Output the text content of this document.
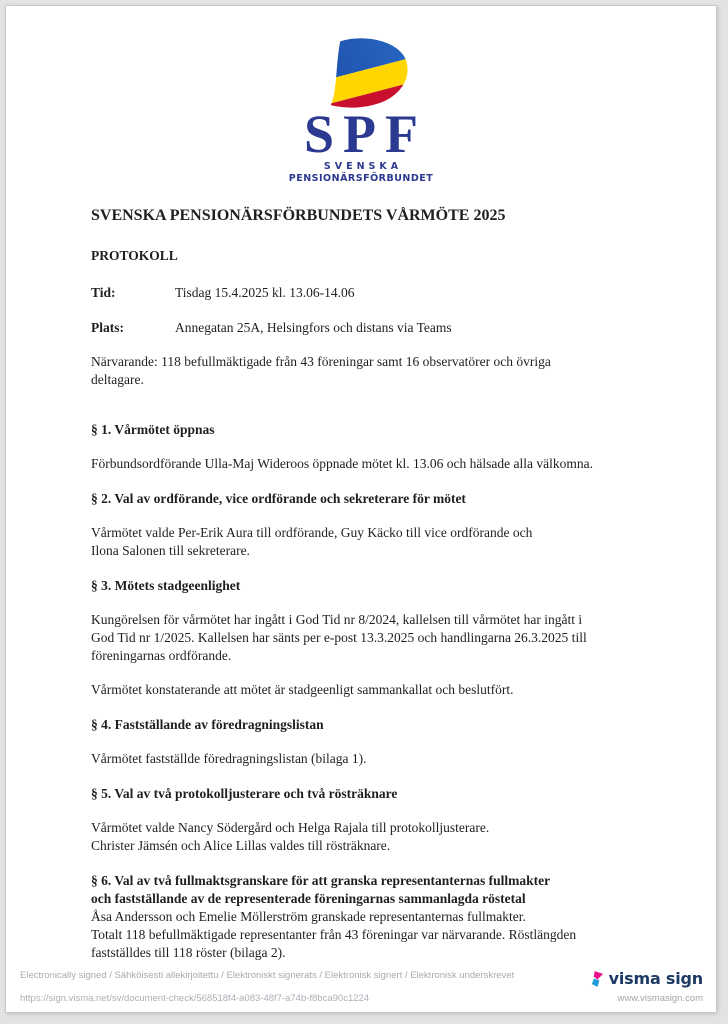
SPF
SVENSKA
PENSIONÄRSFÖRBUNDET
SVENSKA PENSIONÄRSFÖRBUNDETS VÅRMÖTE 2025
PROTOKOLL
Tid:	Tisdag 15.4.2025 kl. 13.06-14.06
Plats:	Annegatan 25A, Helsingfors och distans via Teams
Närvarande: 118 befullmäktigade från 43 föreningar samt 16 observatörer och övriga
deltagare.
§ 1. Vårmötet öppnas
Förbundsordförande Ulla-Maj Wideroos öppnade mötet kl. 13.06 och hälsade alla välkomna.
§ 2. Val av ordförande, vice ordförande och sekreterare för mötet
Vårmötet valde Per-Erik Aura till ordförande, Guy Käcko till vice ordförande och
Ilona Salonen till sekreterare.
§ 3. Mötets stadgeenlighet
Kungörelsen för vårmötet har ingått i God Tid nr 8/2024, kallelsen till vårmötet har ingått i
God Tid nr 1/2025. Kallelsen har sänts per e-post 13.3.2025 och handlingarna 26.3.2025 till
föreningarnas ordförande.
Vårmötet konstaterande att mötet är stadgeenligt sammankallat och beslutfört.
§ 4. Fastställande av föredragningslistan
Vårmötet fastställde föredragningslistan (bilaga 1).
§ 5. Val av två protokolljusterare och två rösträknare
Vårmötet valde Nancy Södergård och Helga Rajala till protokolljusterare.
Christer Jämsén och Alice Lillas valdes till rösträknare.
§ 6. Val av två fullmaktsgranskare för att granska representanternas fullmakter
och fastställande av de representerade föreningarnas sammanlagda röstetal
Åsa Andersson och Emelie Möllerström granskade representanternas fullmakter.
Totalt 118 befullmäktigade representanter från 43 föreningar var närvarande. Röstlängden
fastställdes till 118 röster (bilaga 2).
Electronically signed / Sähköisesti allekirjoitettu / Elektroniskt signerats / Elektronisk signert / Elektronisk underskrevet
https://sign.visma.net/sv/document-check/568518f4-a083-48f7-a74b-f8bca90c1224
visma sign
www.vismasign.com
